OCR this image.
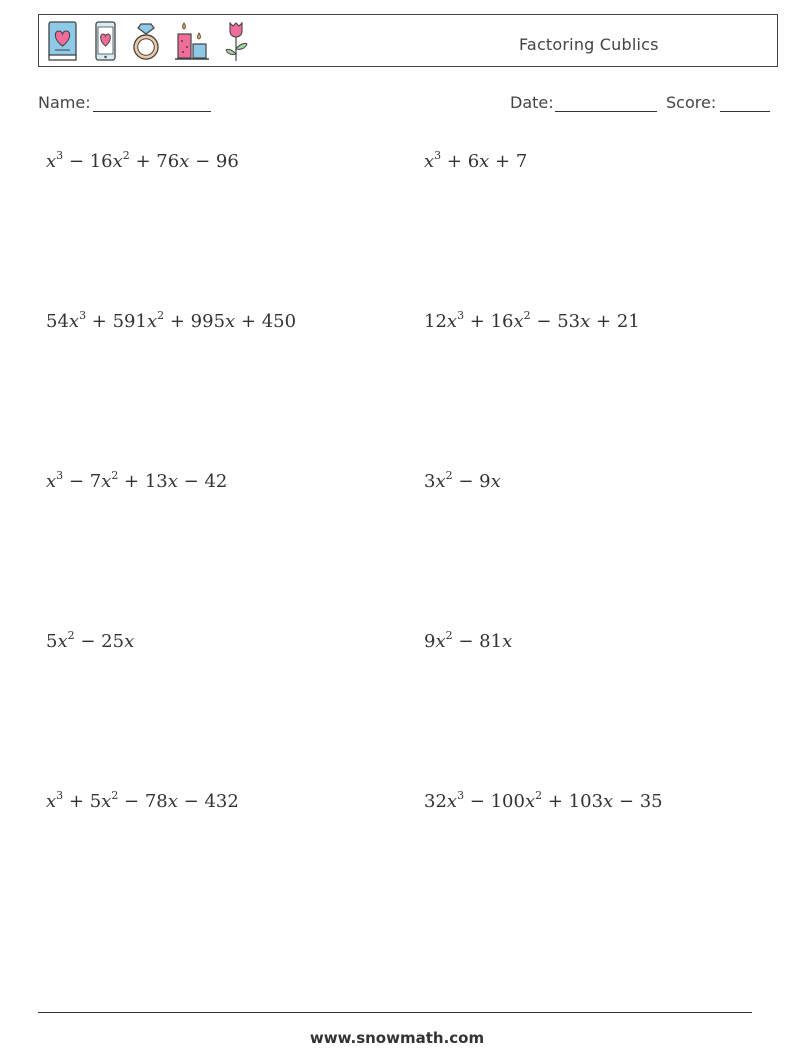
Factoring Cublics
Name:	Date:	Score:
$x^3 - 16x^2 + 76x - 96$	$x^3 + 6x + 7$
$54x^3 + 591x^2 + 995x + 450$	$12x^3 + 16x^2 - 53x + 21$
$x^3 - 7x^2 + 13x - 42$	$3x^2 - 9x$
$5x^2 - 25x$	$9x^2 - 81x$
$x^3 + 5x^2 - 78x - 432$	$32x^3 - 100x^2 + 103x - 35$
www.snowmath.com
